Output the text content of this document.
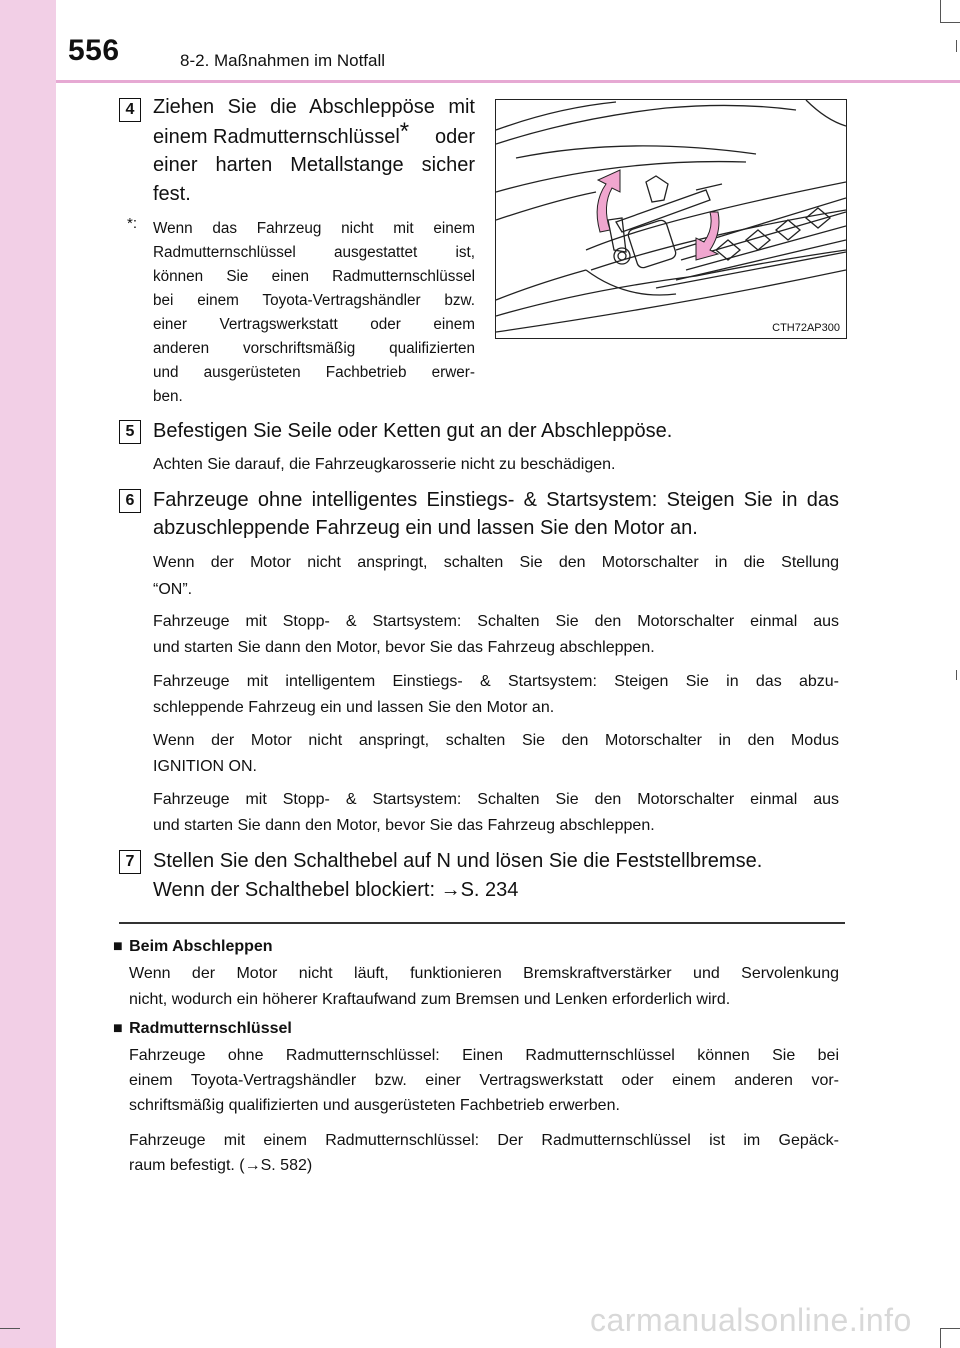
556	8-2. Maßnahmen im Notfall
4 Ziehen Sie die Abschleppöse mit
einem Radmutternschlüssel* oder
einer harten Metallstange sicher
fest.
*: Wenn das Fahrzeug nicht mit einem
Radmutternschlüssel ausgestattet ist,
können Sie einen Radmutternschlüssel
bei einem Toyota-Vertragshändler bzw.
einer Vertragswerkstatt oder einem
anderen vorschriftsmäßig qualifizierten
und ausgerüsteten Fachbetrieb erwer-
ben.
CTH72AP300
5 Befestigen Sie Seile oder Ketten gut an der Abschleppöse.
Achten Sie darauf, die Fahrzeugkarosserie nicht zu beschädigen.
6 Fahrzeuge ohne intelligentes Einstiegs- & Startsystem: Steigen Sie in das
abzuschleppende Fahrzeug ein und lassen Sie den Motor an.
Wenn der Motor nicht anspringt, schalten Sie den Motorschalter in die Stellung
“ON”.
Fahrzeuge mit Stopp- & Startsystem: Schalten Sie den Motorschalter einmal aus
und starten Sie dann den Motor, bevor Sie das Fahrzeug abschleppen.
Fahrzeuge mit intelligentem Einstiegs- & Startsystem: Steigen Sie in das abzu-
schleppende Fahrzeug ein und lassen Sie den Motor an.
Wenn der Motor nicht anspringt, schalten Sie den Motorschalter in den Modus
IGNITION ON.
Fahrzeuge mit Stopp- & Startsystem: Schalten Sie den Motorschalter einmal aus
und starten Sie dann den Motor, bevor Sie das Fahrzeug abschleppen.
7 Stellen Sie den Schalthebel auf N und lösen Sie die Feststellbremse.
Wenn der Schalthebel blockiert: →S. 234
■ Beim Abschleppen
Wenn der Motor nicht läuft, funktionieren Bremskraftverstärker und Servolenkung
nicht, wodurch ein höherer Kraftaufwand zum Bremsen und Lenken erforderlich wird.
■ Radmutternschlüssel
Fahrzeuge ohne Radmutternschlüssel: Einen Radmutternschlüssel können Sie bei
einem Toyota-Vertragshändler bzw. einer Vertragswerkstatt oder einem anderen vor-
schriftsmäßig qualifizierten und ausgerüsteten Fachbetrieb erwerben.
Fahrzeuge mit einem Radmutternschlüssel: Der Radmutternschlüssel ist im Gepäck-
raum befestigt. (→S. 582)
carmanualsonline.info
